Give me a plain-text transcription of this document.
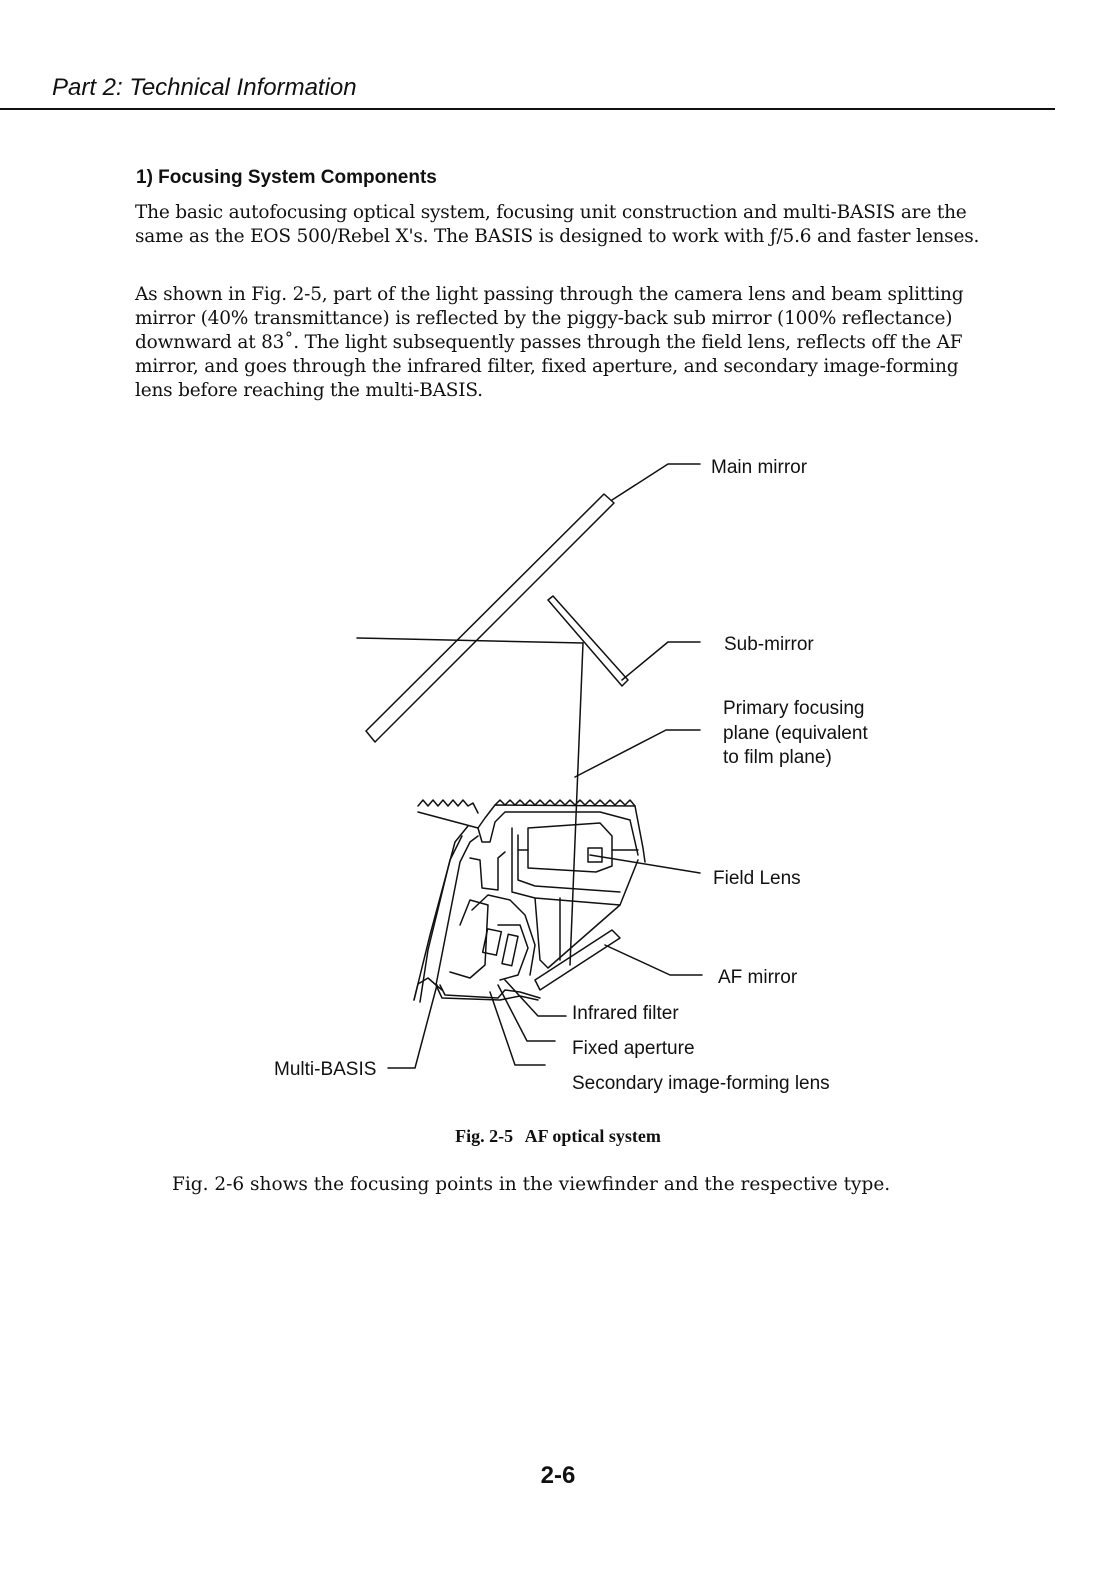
Part 2: Technical Information
1) Focusing System Components

The basic autofocusing optical system, focusing unit construction and multi-BASIS are the same as the EOS 500/Rebel X's. The BASIS is designed to work with ƒ/5.6 and faster lenses.

As shown in Fig. 2-5, part of the light passing through the camera lens and beam splitting mirror (40% transmittance) is reflected by the piggy-back sub mirror (100% reflectance) downward at 83˚. The light subsequently passes through the field lens, reflects off the AF mirror, and goes through the infrared filter, fixed aperture, and secondary image-forming lens before reaching the multi-BASIS.

Main mirror
Sub-mirror
Primary focusing
plane (equivalent
to film plane)
Field Lens
AF mirror
Infrared filter
Fixed aperture
Secondary image-forming lens
Multi-BASIS
Fig. 2-5 AF optical system
Fig. 2-6 shows the focusing points in the viewfinder and the respective type.
2-6
